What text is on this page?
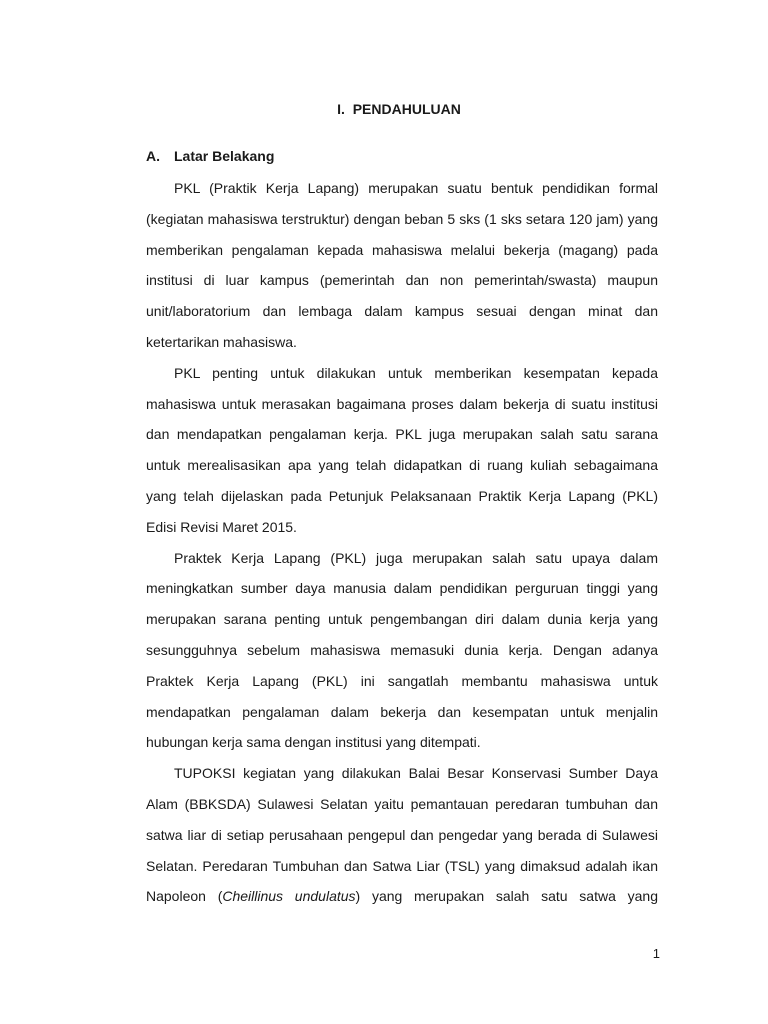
I. PENDAHULUAN
A. Latar Belakang

PKL (Praktik Kerja Lapang) merupakan suatu bentuk pendidikan formal (kegiatan mahasiswa terstruktur) dengan beban 5 sks (1 sks setara 120 jam) yang memberikan pengalaman kepada mahasiswa melalui bekerja (magang) pada institusi di luar kampus (pemerintah dan non pemerintah/swasta) maupun unit/laboratorium dan lembaga dalam kampus sesuai dengan minat dan ketertarikan mahasiswa.

PKL penting untuk dilakukan untuk memberikan kesempatan kepada mahasiswa untuk merasakan bagaimana proses dalam bekerja di suatu institusi dan mendapatkan pengalaman kerja. PKL juga merupakan salah satu sarana untuk merealisasikan apa yang telah didapatkan di ruang kuliah sebagaimana yang telah dijelaskan pada Petunjuk Pelaksanaan Praktik Kerja Lapang (PKL) Edisi Revisi Maret 2015.

Praktek Kerja Lapang (PKL) juga merupakan salah satu upaya dalam meningkatkan sumber daya manusia dalam pendidikan perguruan tinggi yang merupakan sarana penting untuk pengembangan diri dalam dunia kerja yang sesungguhnya sebelum mahasiswa memasuki dunia kerja. Dengan adanya Praktek Kerja Lapang (PKL) ini sangatlah membantu mahasiswa untuk mendapatkan pengalaman dalam bekerja dan kesempatan untuk menjalin hubungan kerja sama dengan institusi yang ditempati.

TUPOKSI kegiatan yang dilakukan Balai Besar Konservasi Sumber Daya Alam (BBKSDA) Sulawesi Selatan yaitu pemantauan peredaran tumbuhan dan satwa liar di setiap perusahaan pengepul dan pengedar yang berada di Sulawesi Selatan. Peredaran Tumbuhan dan Satwa Liar (TSL) yang dimaksud adalah ikan Napoleon (Cheillinus undulatus) yang merupakan salah satu satwa yang

1
